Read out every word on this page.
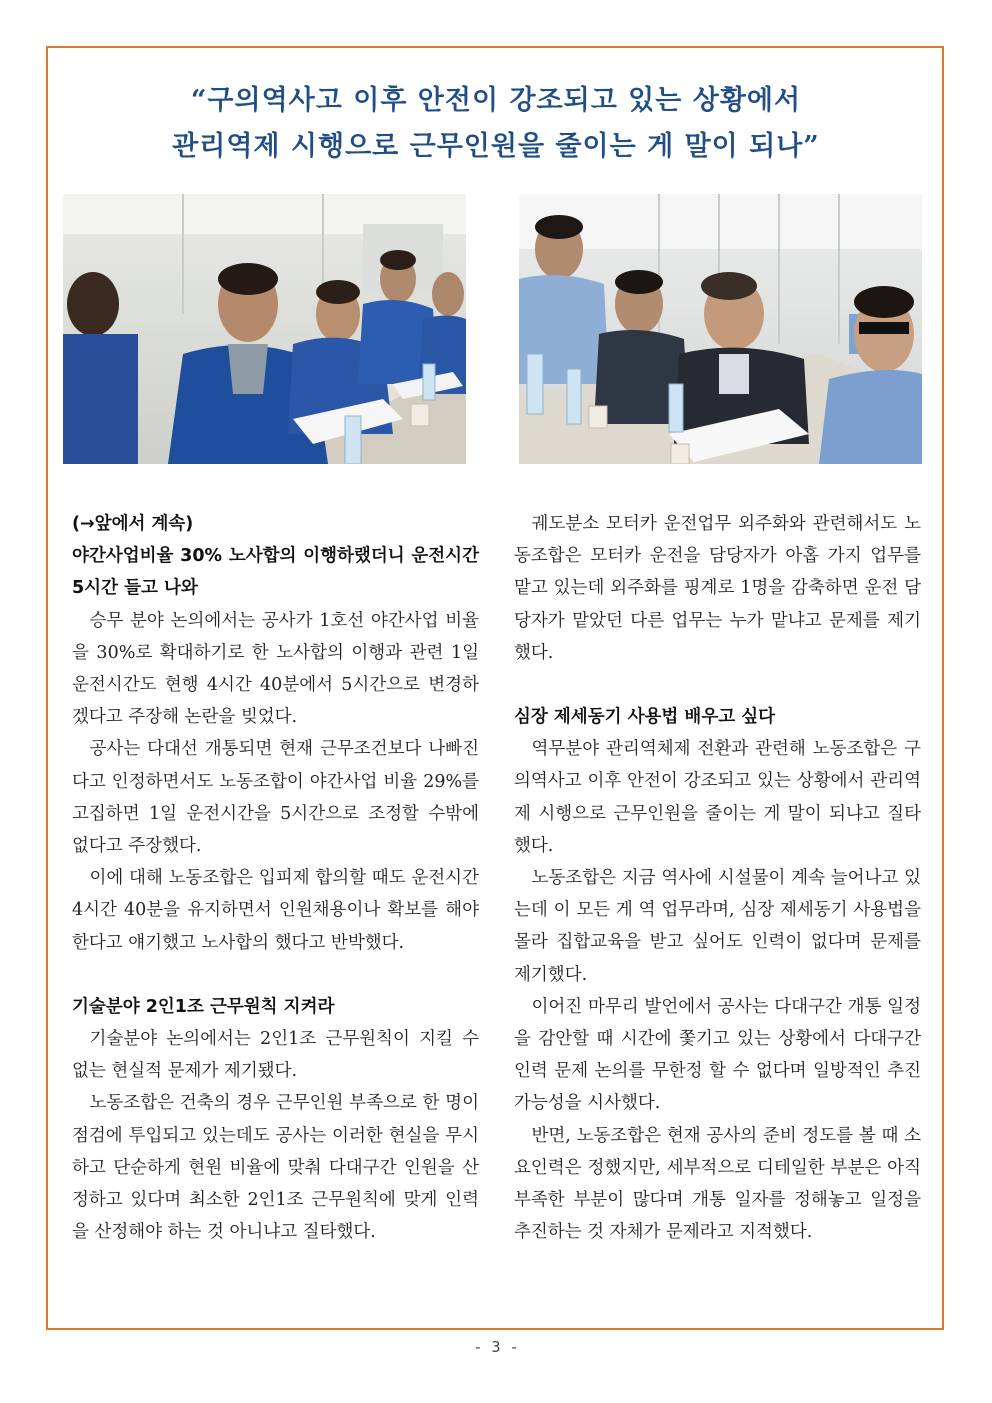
“구의역사고 이후 안전이 강조되고 있는 상황에서
관리역제 시행으로 근무인원을 줄이는 게 말이 되나”

(→앞에서 계속)

야간사업비율 30% 노사합의 이행하랬더니 운전시간 5시간 들고 나와

승무 분야 논의에서는 공사가 1호선 야간사업 비율을 30%로 확대하기로 한 노사합의 이행과 관련 1일 운전시간도 현행 4시간 40분에서 5시간으로 변경하겠다고 주장해 논란을 빚었다.

공사는 다대선 개통되면 현재 근무조건보다 나빠진다고 인정하면서도 노동조합이 야간사업 비율 29%를 고집하면 1일 운전시간을 5시간으로 조정할 수밖에 없다고 주장했다.

이에 대해 노동조합은 입피제 합의할 때도 운전시간 4시간 40분을 유지하면서 인원채용이나 확보를 해야 한다고 얘기했고 노사합의 했다고 반박했다.

기술분야 2인1조 근무원칙 지켜라

기술분야 논의에서는 2인1조 근무원칙이 지킬 수 없는 현실적 문제가 제기됐다.

노동조합은 건축의 경우 근무인원 부족으로 한 명이 점검에 투입되고 있는데도 공사는 이러한 현실을 무시하고 단순하게 현원 비율에 맞춰 다대구간 인원을 산정하고 있다며 최소한 2인1조 근무원칙에 맞게 인력을 산정해야 하는 것 아니냐고 질타했다.

궤도분소 모터카 운전업무 외주화와 관련해서도 노동조합은 모터카 운전을 담당자가 아홉 가지 업무를 맡고 있는데 외주화를 핑계로 1명을 감축하면 운전 담당자가 맡았던 다른 업무는 누가 맡냐고 문제를 제기했다.

심장 제세동기 사용법 배우고 싶다

역무분야 관리역체제 전환과 관련해 노동조합은 구의역사고 이후 안전이 강조되고 있는 상황에서 관리역제 시행으로 근무인원을 줄이는 게 말이 되냐고 질타했다.

노동조합은 지금 역사에 시설물이 계속 늘어나고 있는데 이 모든 게 역 업무라며, 심장 제세동기 사용법을 몰라 집합교육을 받고 싶어도 인력이 없다며 문제를 제기했다.

이어진 마무리 발언에서 공사는 다대구간 개통 일정을 감안할 때 시간에 쫓기고 있는 상황에서 다대구간 인력 문제 논의를 무한정 할 수 없다며 일방적인 추진 가능성을 시사했다.

반면, 노동조합은 현재 공사의 준비 정도를 볼 때 소요인력은 정했지만, 세부적으로 디테일한 부분은 아직 부족한 부분이 많다며 개통 일자를 정해놓고 일정을 추진하는 것 자체가 문제라고 지적했다.

- 3 -
